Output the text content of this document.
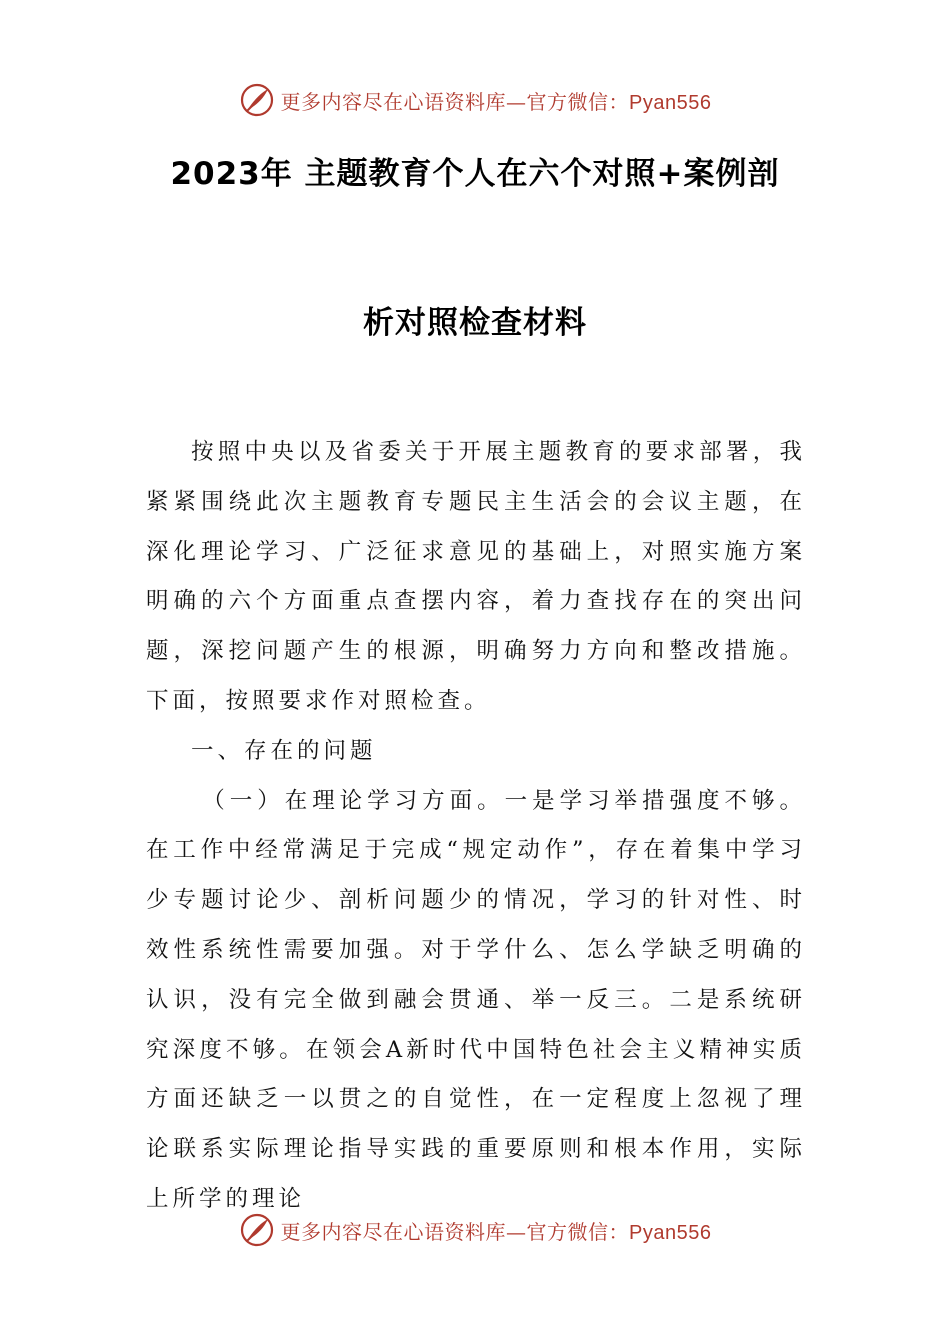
更多内容尽在心语资料库—官方微信：Pyan556
2023年 主题教育个人在六个对照+案例剖
析对照检查材料

按照中央以及省委关于开展主题教育的要求部署，我紧紧围绕此次主题教育专题民主生活会的会议主题，在深化理论学习、广泛征求意见的基础上，对照实施方案明确的六个方面重点查摆内容，着力查找存在的突出问题，深挖问题产生的根源，明确努力方向和整改措施。下面，按照要求作对照检查。

一、存在的问题

（一）在理论学习方面。一是学习举措强度不够。在工作中经常满足于完成“规定动作”，存在着集中学习少专题讨论少、剖析问题少的情况，学习的针对性、时效性系统性需要加强。对于学什么、怎么学缺乏明确的认识，没有完全做到融会贯通、举一反三。二是系统研究深度不够。在领会A新时代中国特色社会主义精神实质方面还缺乏一以贯之的自觉性，在一定程度上忽视了理论联系实际理论指导实践的重要原则和根本作用，实际上所学的理论

更多内容尽在心语资料库—官方微信：Pyan556
